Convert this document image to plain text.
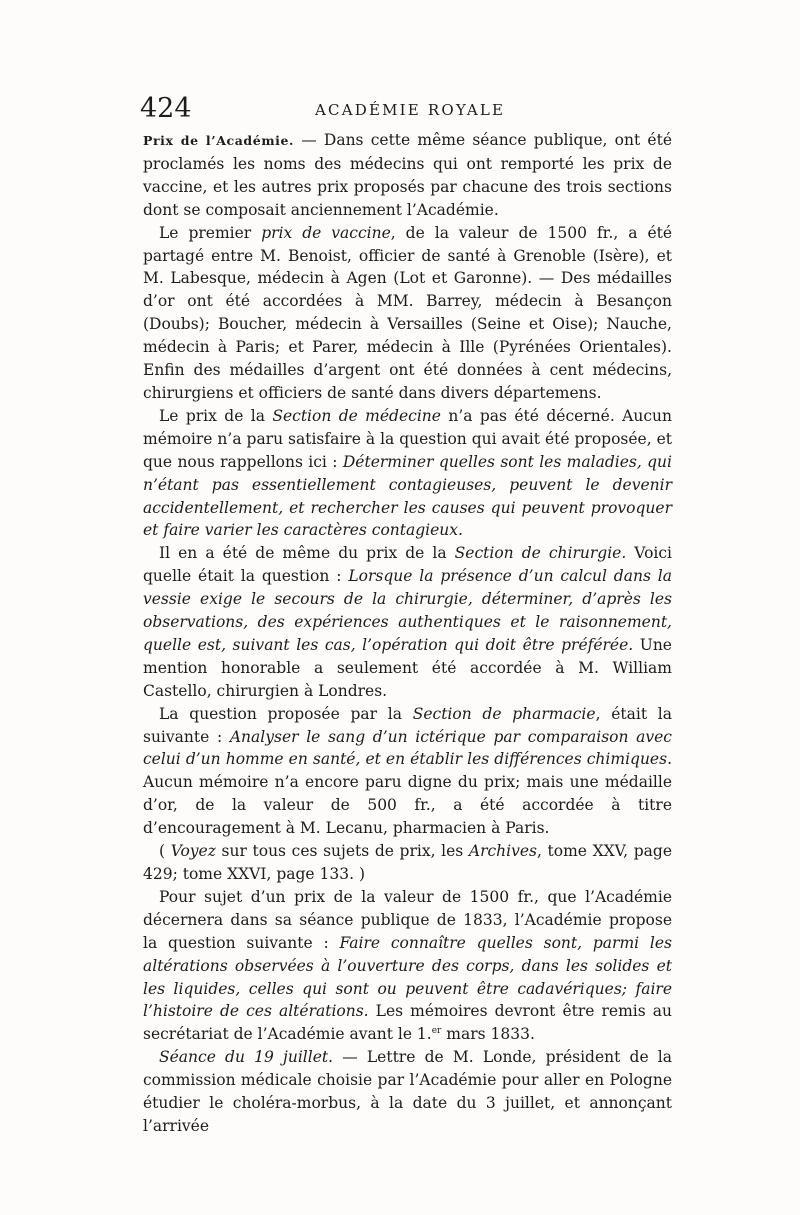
424	ACADÉMIE ROYALE

Prix de l’Académie. — Dans cette même séance publique, ont été proclamés les noms des médecins qui ont remporté les prix de vaccine, et les autres prix proposés par chacune des trois sections dont se composait anciennement l’Académie.

Le premier prix de vaccine, de la valeur de 1500 fr., a été partagé entre M. Benoist, officier de santé à Grenoble (Isère), et M. Labesque, médecin à Agen (Lot et Garonne). — Des médailles d’or ont été accordées à MM. Barrey, médecin à Besançon (Doubs); Boucher, médecin à Versailles (Seine et Oise); Nauche, médecin à Paris; et Parer, médecin à Ille (Pyrénées Orientales). Enfin des médailles d’argent ont été données à cent médecins, chirurgiens et officiers de santé dans divers départemens.

Le prix de la Section de médecine n’a pas été décerné. Aucun mémoire n’a paru satisfaire à la question qui avait été proposée, et que nous rappellons ici : Déterminer quelles sont les maladies, qui n’étant pas essentiellement contagieuses, peuvent le devenir accidentellement, et rechercher les causes qui peuvent provoquer et faire varier les caractères contagieux.

Il en a été de même du prix de la Section de chirurgie. Voici quelle était la question : Lorsque la présence d’un calcul dans la vessie exige le secours de la chirurgie, déterminer, d’après les observations, des expériences authentiques et le raisonnement, quelle est, suivant les cas, l’opération qui doit être préférée. Une mention honorable a seulement été accordée à M. William Castello, chirurgien à Londres.

La question proposée par la Section de pharmacie, était la suivante : Analyser le sang d’un ictérique par comparaison avec celui d’un homme en santé, et en établir les différences chimiques. Aucun mémoire n’a encore paru digne du prix; mais une médaille d’or, de la valeur de 500 fr., a été accordée à titre d’encouragement à M. Lecanu, pharmacien à Paris.

( Voyez sur tous ces sujets de prix, les Archives, tome XXV, page 429; tome XXVI, page 133. )

Pour sujet d’un prix de la valeur de 1500 fr., que l’Académie décernera dans sa séance publique de 1833, l’Académie propose la question suivante : Faire connaître quelles sont, parmi les altérations observées à l’ouverture des corps, dans les solides et les liquides, celles qui sont ou peuvent être cadavériques; faire l’histoire de ces altérations. Les mémoires devront être remis au secrétariat de l’Académie avant le 1.$^{er}$ mars 1833.

Séance du 19 juillet. — Lettre de M. Londe, président de la commission médicale choisie par l’Académie pour aller en Pologne étudier le choléra-morbus, à la date du 3 juillet, et annonçant l’arrivée
